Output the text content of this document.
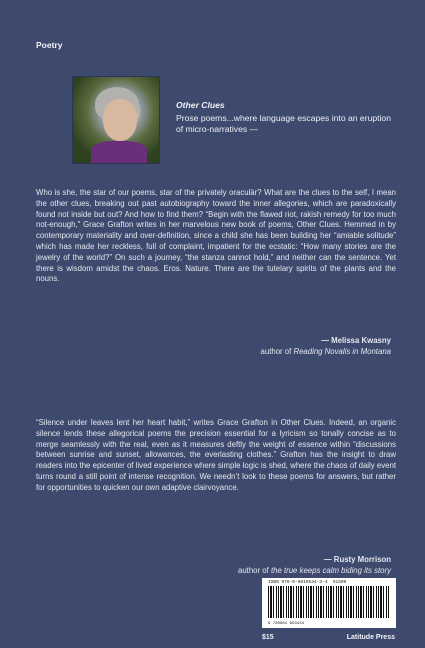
Poetry
Other Clues
Prose poems...where language escapes into an eruption of micro-narratives —

Who is she, the star of our poems, star of the privately oraculär? What are the clues to the self, I mean the other clues, breaking out past autobiography toward the inner allegories, which are paradoxically found not inside but out? And how to find them? “Begin with the flawed riot, rakish remedy for too much not-enough,” Grace Grafton writes in her marvelous new book of poems, Other Clues. Hemmed in by contemporary materiality and over-definition, since a child she has been building her “amiable solitude” which has made her reckless, full of complaint, impatient for the ecstatic: “How many stories are the jewelry of the world?” On such a journey, “the stanza cannot hold,” and neither can the sentence. Yet there is wisdom amidst the chaos. Eros. Nature. There are the tutelary spirits of the plants and the nouns.

— Melissa Kwasny
author of Reading Novalis in Montana

“Silence under leaves lent her heart habit,” writes Grace Grafton in Other Clues. Indeed, an organic silence lends these allegorical poems the precision essential for a lyricism so tonally concise as to merge seamlessly with the real, even as it measures deftly the weight of essence within “discussions between sunrise and sunset, allowances, the everlasting clothes.” Grafton has the insight to draw readers into the epicenter of lived experience where simple logic is shed, where the chaos of daily event turns round a still point of intense recognition. We needn’t look to these poems for answers, but rather for opportunities to quicken our own adaptive clairvoyance.

— Rusty Morrison
author of the true keeps calm biding its story
ISBN 978-0-9819534-3-4 51500
9 780981 953434
$15	Latitude Press
